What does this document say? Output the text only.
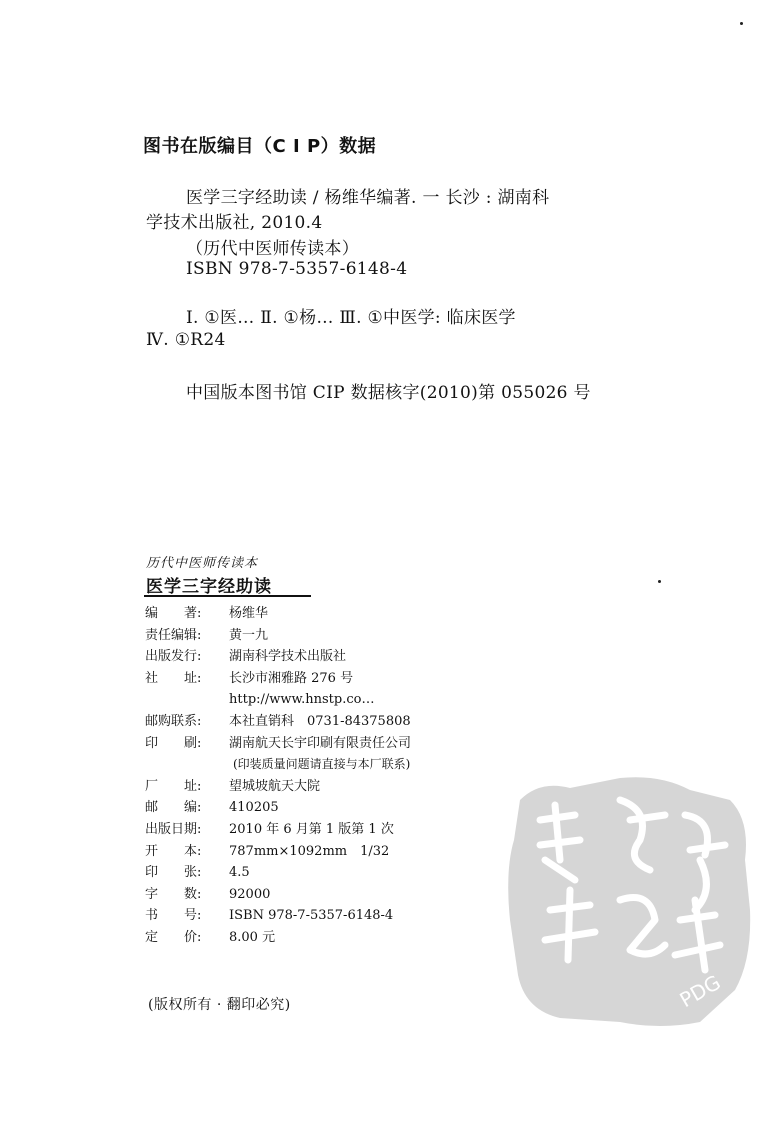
图书在版编目（C I P）数据
医学三字经助读 / 杨维华编著. 一 长沙 : 湖南科
学技术出版社, 2010.4
（历代中医师传读本）
ISBN 978-7-5357-6148-4
Ⅰ. ①医… Ⅱ. ①杨… Ⅲ. ①中医学: 临床医学
Ⅳ. ①R24
中国版本图书馆 CIP 数据核字(2010)第 055026 号
历代中医师传读本
医学三字经助读
编　　著:	杨维华
责任编辑:	黄一九
出版发行:	湖南科学技术出版社
社　　址:	长沙市湘雅路 276 号
http://www.hnstp.co…
邮购联系:	本社直销科　0731-84375808
印　　刷:	湖南航天长宇印刷有限责任公司
(印装质量问题请直接与本厂联系)
厂　　址:	望城坡航天大院
邮　　编:	410205
出版日期:	2010 年 6 月第 1 版第 1 次
开　　本:	787mm×1092mm　1/32
印　　张:	4.5
字　　数:	92000
书　　号:	ISBN 978-7-5357-6148-4
定　　价:	8.00 元
(版权所有 · 翻印必究)	PDG
